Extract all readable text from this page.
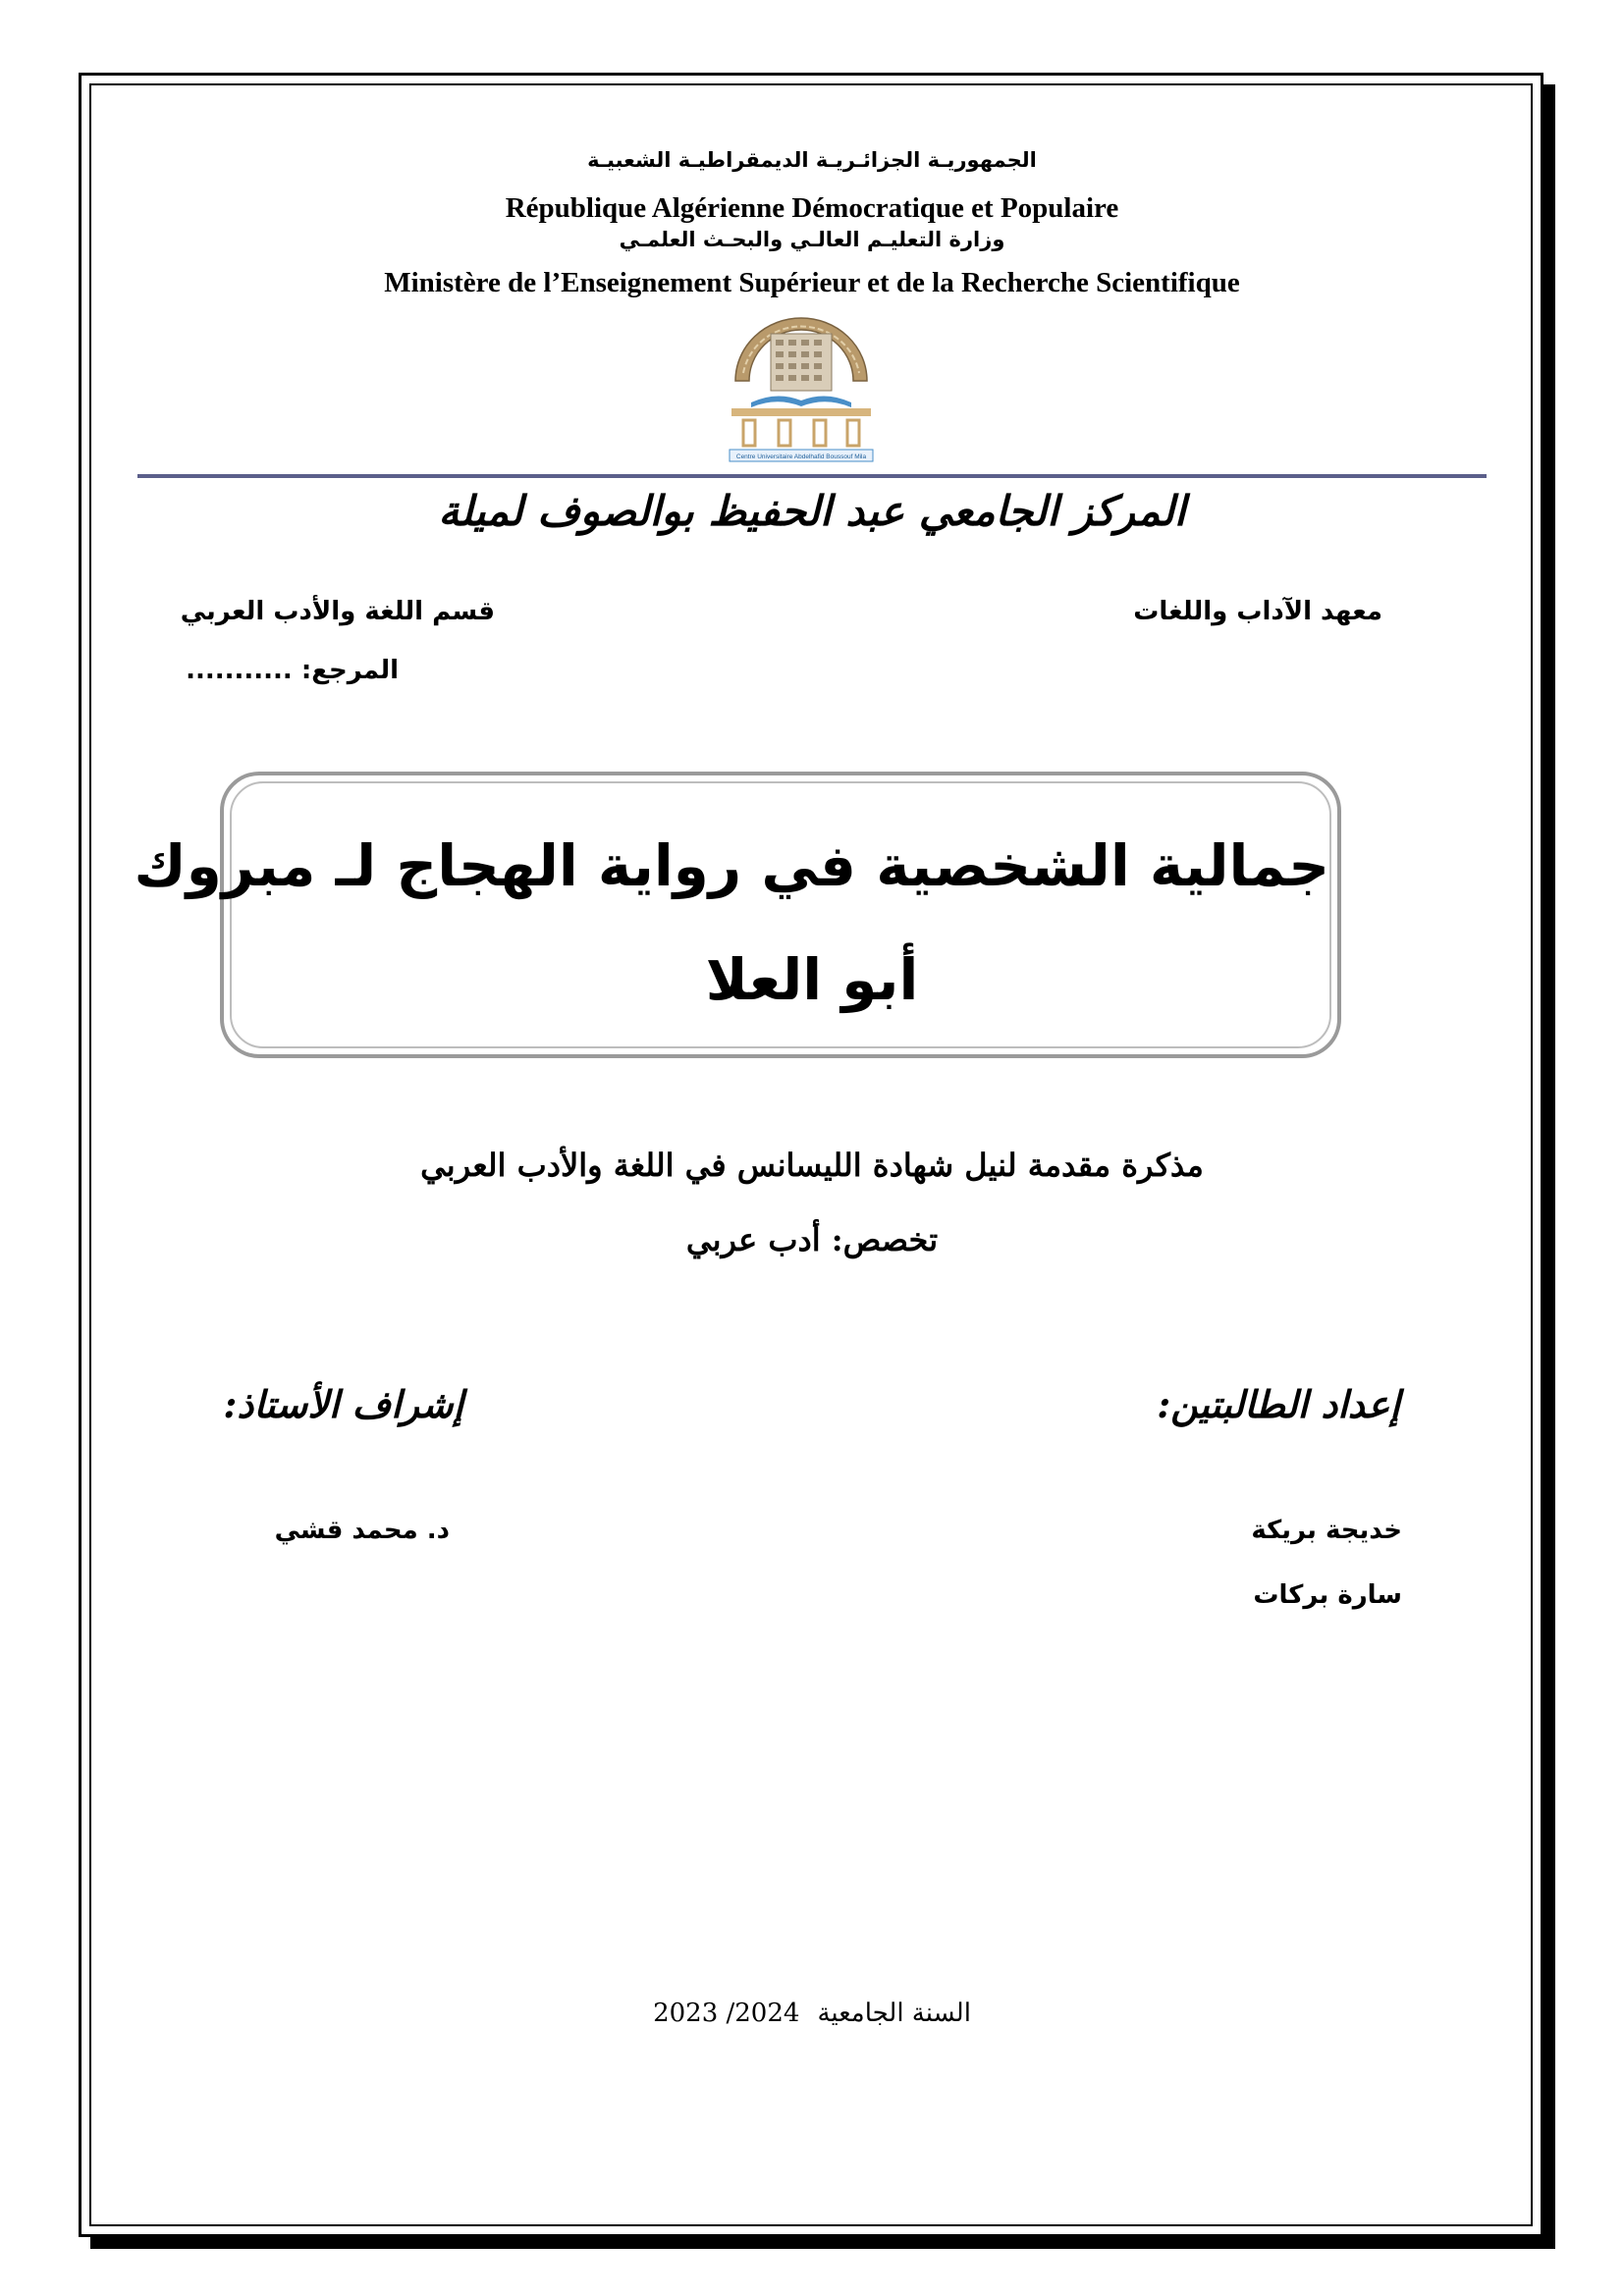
الجمهوريـة الجزائـريـة الديمقراطيـة الشعبيـة
République Algérienne Démocratique et Populaire
وزارة التعليـم العالـي والبحـث العلمـي
Ministère de l’Enseignement Supérieur et de la Recherche Scientifique
Centre Universitaire Abdelhafid Boussouf Mila
المركز الجامعي عبد الحفيظ بوالصوف لميلة
معهد الآداب واللغات
قسم اللغة والأدب العربي
المرجع: ...........
جمالية الشخصية في رواية الهجاج لـ مبروك
أبو العلا
مذكرة مقدمة لنيل شهادة الليسانس في اللغة والأدب العربي
تخصص: أدب عربي
إعداد الطالبتين:
إشراف الأستاذ:
خديجة بريكة
سارة بركات
د. محمد قشي
2023 /2024 السنة الجامعية
